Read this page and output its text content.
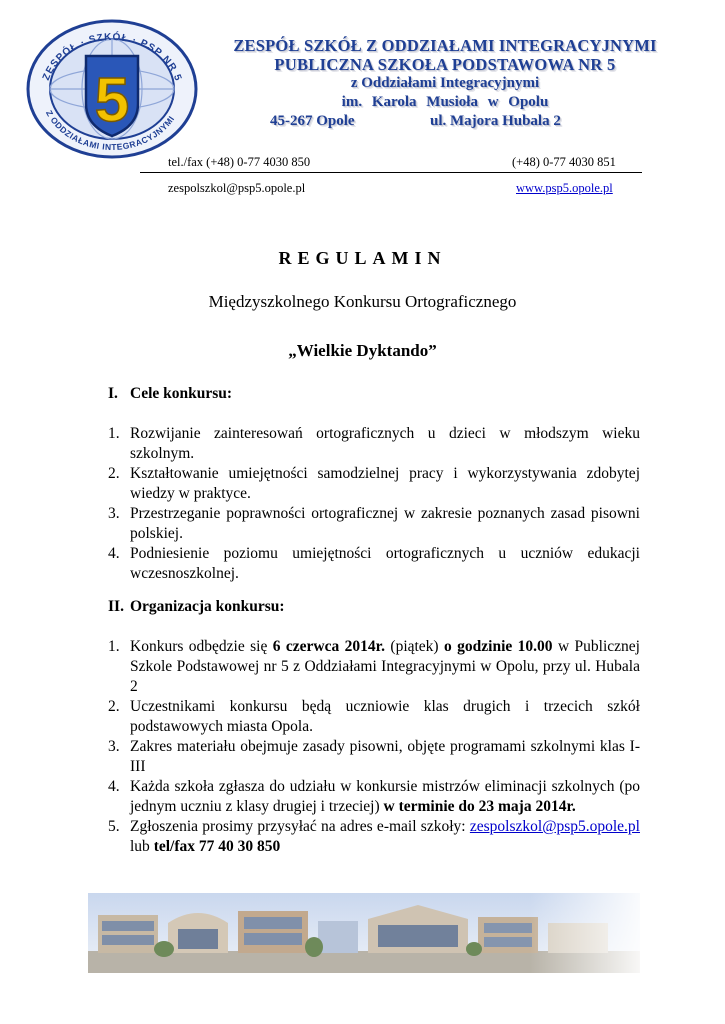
ZESPÓŁ · SZKÓŁ · PSP NR 5
Z ODDZIAŁAMI INTEGRACYJNYMI
5
ZESPÓŁ SZKÓŁ Z ODDZIAŁAMI INTEGRACYJNYMI
PUBLICZNA SZKOŁA PODSTAWOWA NR 5
z Oddziałami Integracyjnymi
im. Karola Musioła w Opolu
45-267 Opole	ul. Majora Hubala 2
tel./fax (+48) 0-77 4030 850	(+48) 0-77 4030 851
zespolszkol@psp5.opole.pl	www.psp5.opole.pl
REGULAMIN
Międzyszkolnego Konkursu Ortograficznego
„Wielkie Dyktando”
I. Cele konkursu:
1. Rozwijanie zainteresowań ortograficznych u dzieci w młodszym wieku szkolnym.
2. Kształtowanie umiejętności samodzielnej pracy i wykorzystywania zdobytej wiedzy w praktyce.
3. Przestrzeganie poprawności ortograficznej w zakresie poznanych zasad pisowni polskiej.
4. Podniesienie poziomu umiejętności ortograficznych u uczniów edukacji wczesnoszkolnej.
II. Organizacja konkursu:
1. Konkurs odbędzie się 6 czerwca 2014r. (piątek) o godzinie 10.00 w Publicznej Szkole Podstawowej nr 5 z Oddziałami Integracyjnymi w Opolu, przy ul. Hubala 2
2. Uczestnikami konkursu będą uczniowie klas drugich i trzecich szkół podstawowych miasta Opola.
3. Zakres materiału obejmuje zasady pisowni, objęte programami szkolnymi klas I-III
4. Każda szkoła zgłasza do udziału w konkursie mistrzów eliminacji szkolnych (po jednym uczniu z klasy drugiej i trzeciej) w terminie do 23 maja 2014r.
5. Zgłoszenia prosimy przysyłać na adres e-mail szkoły: zespolszkol@psp5.opole.pl lub tel/fax 77 40 30 850
